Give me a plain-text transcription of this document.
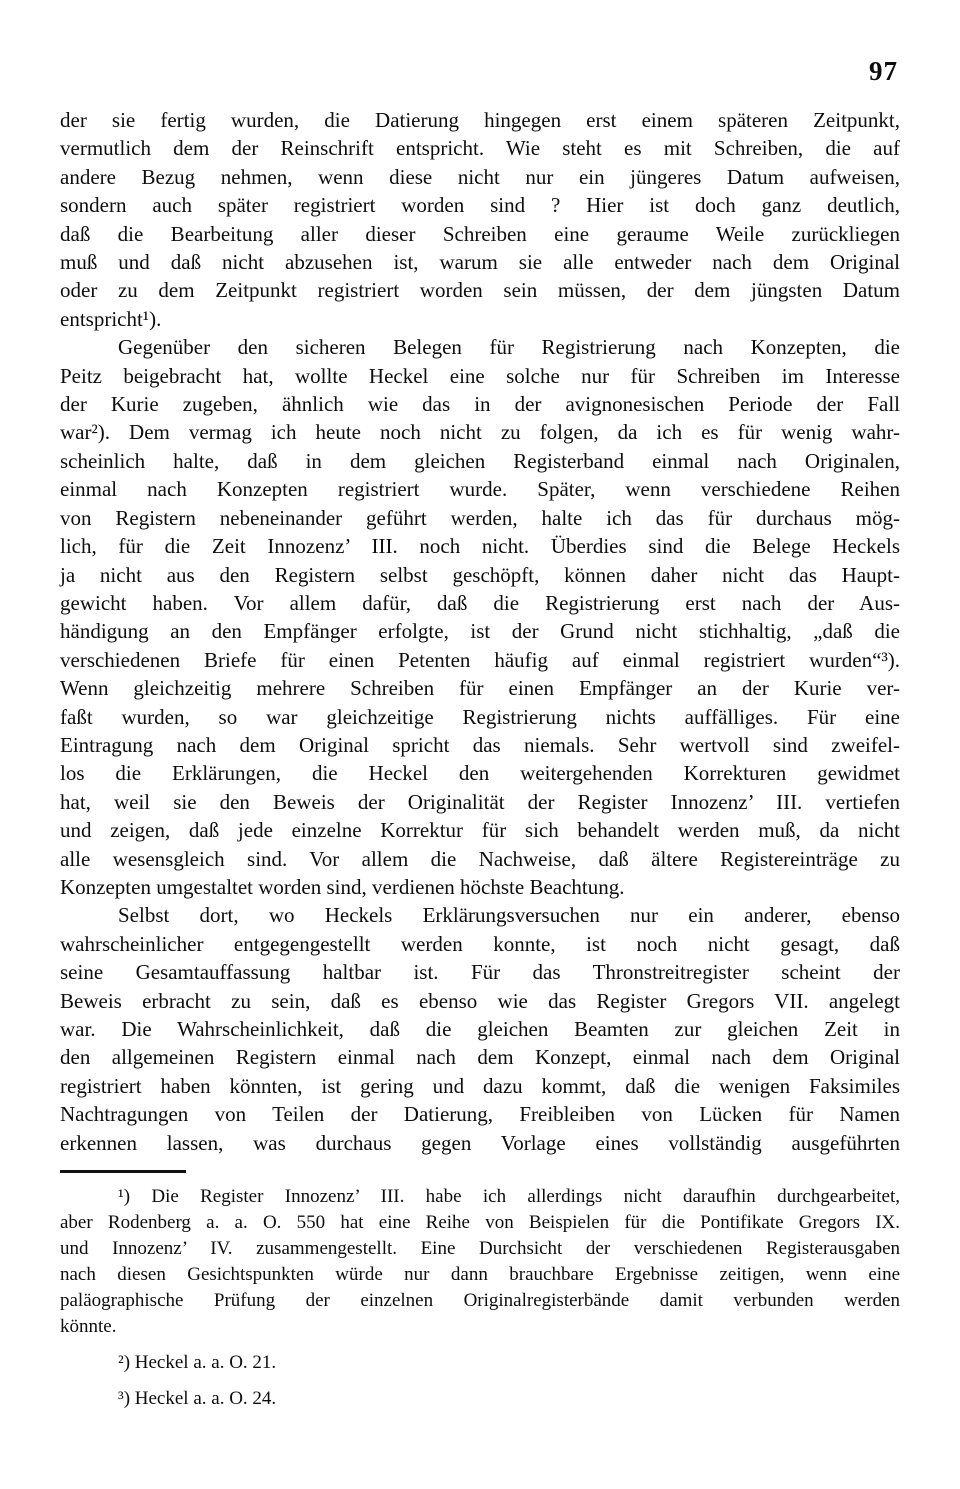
97
der sie fertig wurden, die Datierung hingegen erst einem späteren Zeitpunkt,
vermutlich dem der Reinschrift entspricht. Wie steht es mit Schreiben, die auf
andere Bezug nehmen, wenn diese nicht nur ein jüngeres Datum aufweisen,
sondern auch später registriert worden sind ? Hier ist doch ganz deutlich,
daß die Bearbeitung aller dieser Schreiben eine geraume Weile zurückliegen
muß und daß nicht abzusehen ist, warum sie alle entweder nach dem Original
oder zu dem Zeitpunkt registriert worden sein müssen, der dem jüngsten Datum
entspricht¹).
Gegenüber den sicheren Belegen für Registrierung nach Konzepten, die
Peitz beigebracht hat, wollte Heckel eine solche nur für Schreiben im Interesse
der Kurie zugeben, ähnlich wie das in der avignonesischen Periode der Fall
war²). Dem vermag ich heute noch nicht zu folgen, da ich es für wenig wahr-
scheinlich halte, daß in dem gleichen Registerband einmal nach Originalen,
einmal nach Konzepten registriert wurde. Später, wenn verschiedene Reihen
von Registern nebeneinander geführt werden, halte ich das für durchaus mög-
lich, für die Zeit Innozenz’ III. noch nicht. Überdies sind die Belege Heckels
ja nicht aus den Registern selbst geschöpft, können daher nicht das Haupt-
gewicht haben. Vor allem dafür, daß die Registrierung erst nach der Aus-
händigung an den Empfänger erfolgte, ist der Grund nicht stichhaltig, „daß die
verschiedenen Briefe für einen Petenten häufig auf einmal registriert wurden“³).
Wenn gleichzeitig mehrere Schreiben für einen Empfänger an der Kurie ver-
faßt wurden, so war gleichzeitige Registrierung nichts auffälliges. Für eine
Eintragung nach dem Original spricht das niemals. Sehr wertvoll sind zweifel-
los die Erklärungen, die Heckel den weitergehenden Korrekturen gewidmet
hat, weil sie den Beweis der Originalität der Register Innozenz’ III. vertiefen
und zeigen, daß jede einzelne Korrektur für sich behandelt werden muß, da nicht
alle wesensgleich sind. Vor allem die Nachweise, daß ältere Registereinträge zu
Konzepten umgestaltet worden sind, verdienen höchste Beachtung.
Selbst dort, wo Heckels Erklärungsversuchen nur ein anderer, ebenso
wahrscheinlicher entgegengestellt werden konnte, ist noch nicht gesagt, daß
seine Gesamtauffassung haltbar ist. Für das Thronstreitregister scheint der
Beweis erbracht zu sein, daß es ebenso wie das Register Gregors VII. angelegt
war. Die Wahrscheinlichkeit, daß die gleichen Beamten zur gleichen Zeit in
den allgemeinen Registern einmal nach dem Konzept, einmal nach dem Original
registriert haben könnten, ist gering und dazu kommt, daß die wenigen Faksimiles
Nachtragungen von Teilen der Datierung, Freibleiben von Lücken für Namen
erkennen lassen, was durchaus gegen Vorlage eines vollständig ausgeführten
¹) Die Register Innozenz’ III. habe ich allerdings nicht daraufhin durchgearbeitet,
aber Rodenberg a. a. O. 550 hat eine Reihe von Beispielen für die Pontifikate Gregors IX.
und Innozenz’ IV. zusammengestellt. Eine Durchsicht der verschiedenen Registerausgaben
nach diesen Gesichtspunkten würde nur dann brauchbare Ergebnisse zeitigen, wenn eine
paläographische Prüfung der einzelnen Originalregisterbände damit verbunden werden
könnte.
²) Heckel a. a. O. 21.
³) Heckel a. a. O. 24.
